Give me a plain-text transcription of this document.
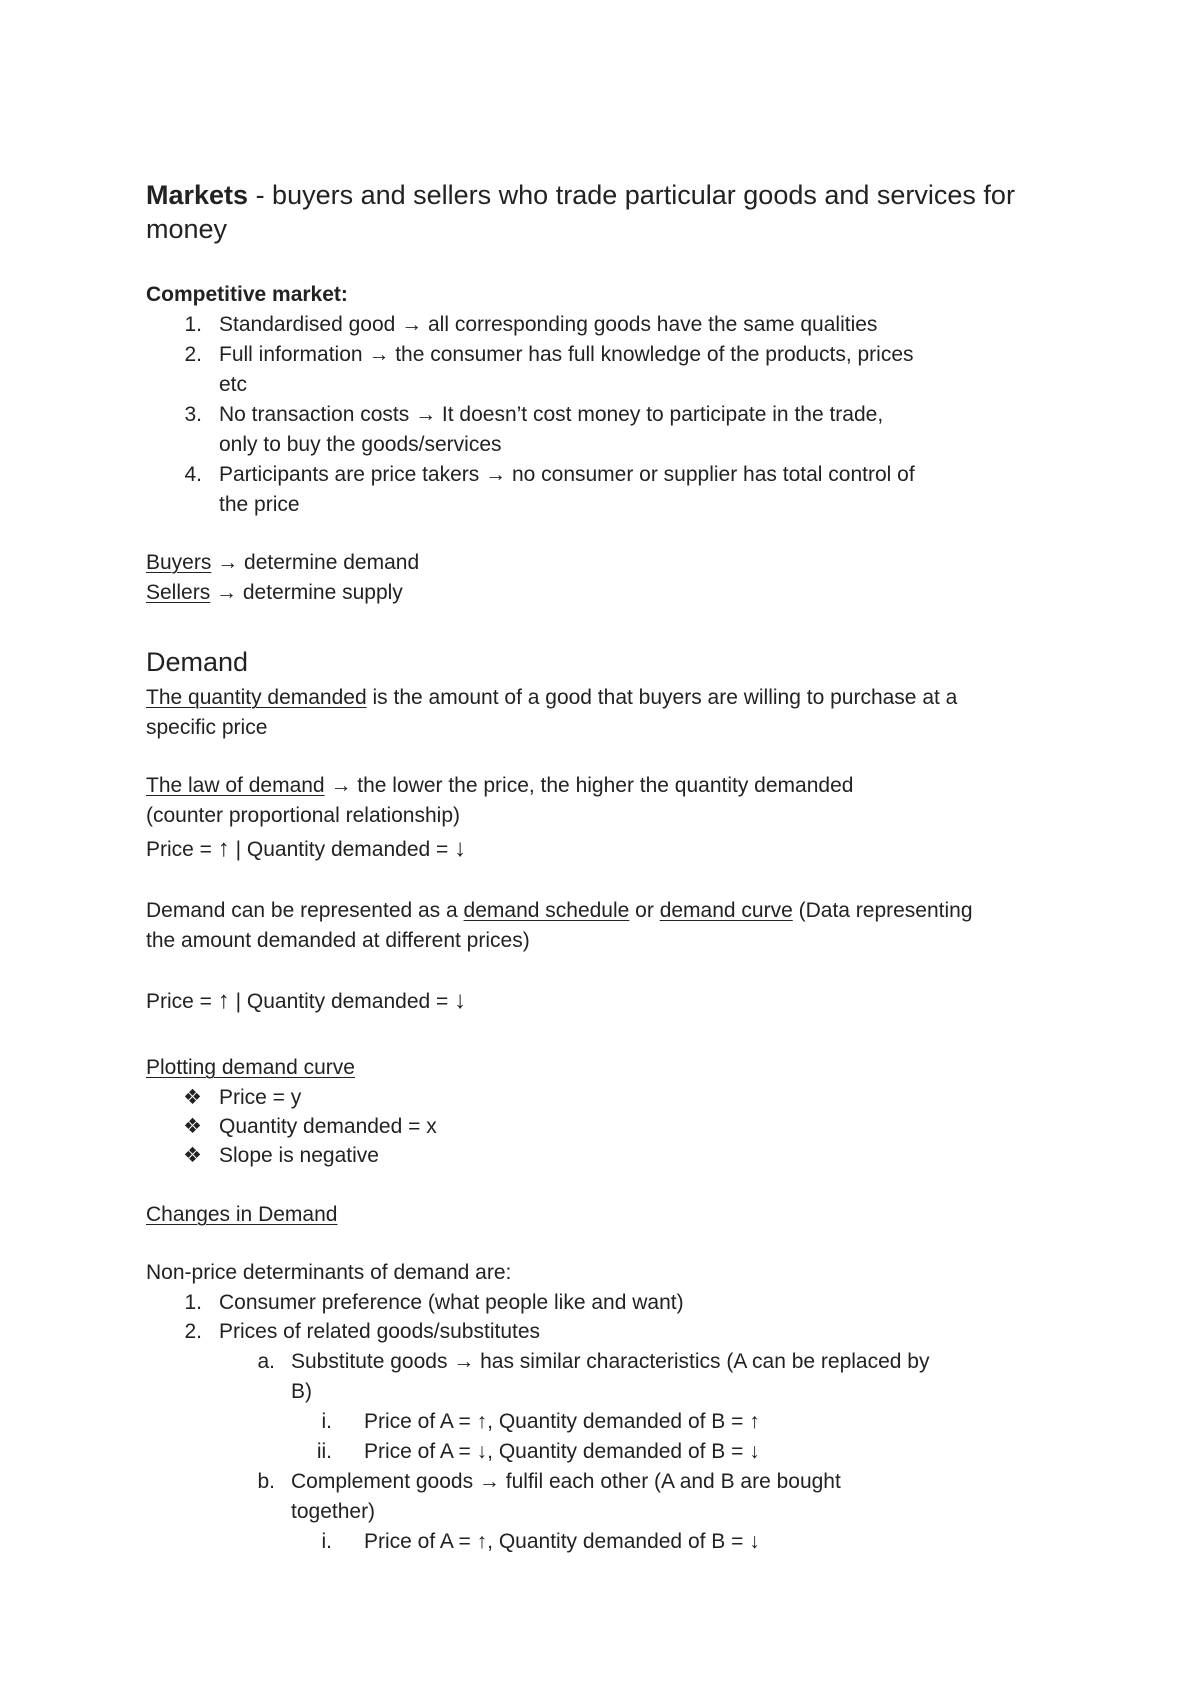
Markets - buyers and sellers who trade particular goods and services for
money
Competitive market:
1. Standardised good → all corresponding goods have the same qualities
2. Full information → the consumer has full knowledge of the products, prices
etc
3. No transaction costs → It doesn’t cost money to participate in the trade,
only to buy the goods/services
4. Participants are price takers → no consumer or supplier has total control of
the price
Buyers → determine demand
Sellers → determine supply
Demand
The quantity demanded is the amount of a good that buyers are willing to purchase at a
specific price
The law of demand → the lower the price, the higher the quantity demanded
(counter proportional relationship)
Price = ↑ | Quantity demanded = ↓
Demand can be represented as a demand schedule or demand curve (Data representing
the amount demanded at different prices)
Price = ↑ | Quantity demanded = ↓
Plotting demand curve
❖ Price = y
❖ Quantity demanded = x
❖ Slope is negative
Changes in Demand
Non-price determinants of demand are:
1. Consumer preference (what people like and want)
2. Prices of related goods/substitutes
a. Substitute goods → has similar characteristics (A can be replaced by
B)
i. Price of A = ↑, Quantity demanded of B = ↑
ii. Price of A = ↓, Quantity demanded of B = ↓
b. Complement goods → fulfil each other (A and B are bought
together)
i. Price of A = ↑, Quantity demanded of B = ↓
